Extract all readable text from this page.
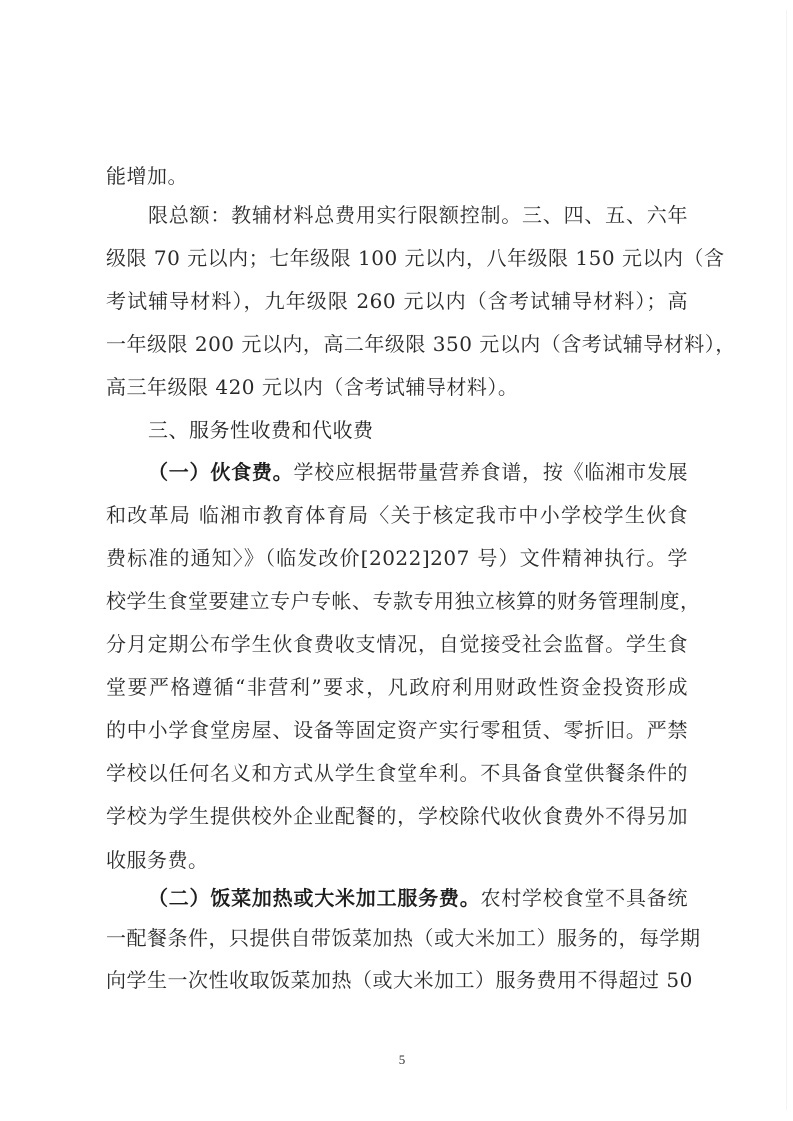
能增加。
限总额：教辅材料总费用实行限额控制。三、四、五、六年
级限 70 元以内；七年级限 100 元以内，八年级限 150 元以内（含
考试辅导材料），九年级限 260 元以内（含考试辅导材料）；高
一年级限 200 元以内，高二年级限 350 元以内（含考试辅导材料），
高三年级限 420 元以内（含考试辅导材料）。
三、服务性收费和代收费
（一）伙食费。学校应根据带量营养食谱，按《临湘市发展
和改革局 临湘市教育体育局〈关于核定我市中小学校学生伙食
费标准的通知〉》（临发改价[2022]207 号）文件精神执行。学
校学生食堂要建立专户专帐、专款专用独立核算的财务管理制度，
分月定期公布学生伙食费收支情况，自觉接受社会监督。学生食
堂要严格遵循“非营利”要求，凡政府利用财政性资金投资形成
的中小学食堂房屋、设备等固定资产实行零租赁、零折旧。严禁
学校以任何名义和方式从学生食堂牟利。不具备食堂供餐条件的
学校为学生提供校外企业配餐的，学校除代收伙食费外不得另加
收服务费。
（二）饭菜加热或大米加工服务费。农村学校食堂不具备统
一配餐条件，只提供自带饭菜加热（或大米加工）服务的，每学期
向学生一次性收取饭菜加热（或大米加工）服务费用不得超过 50
5
